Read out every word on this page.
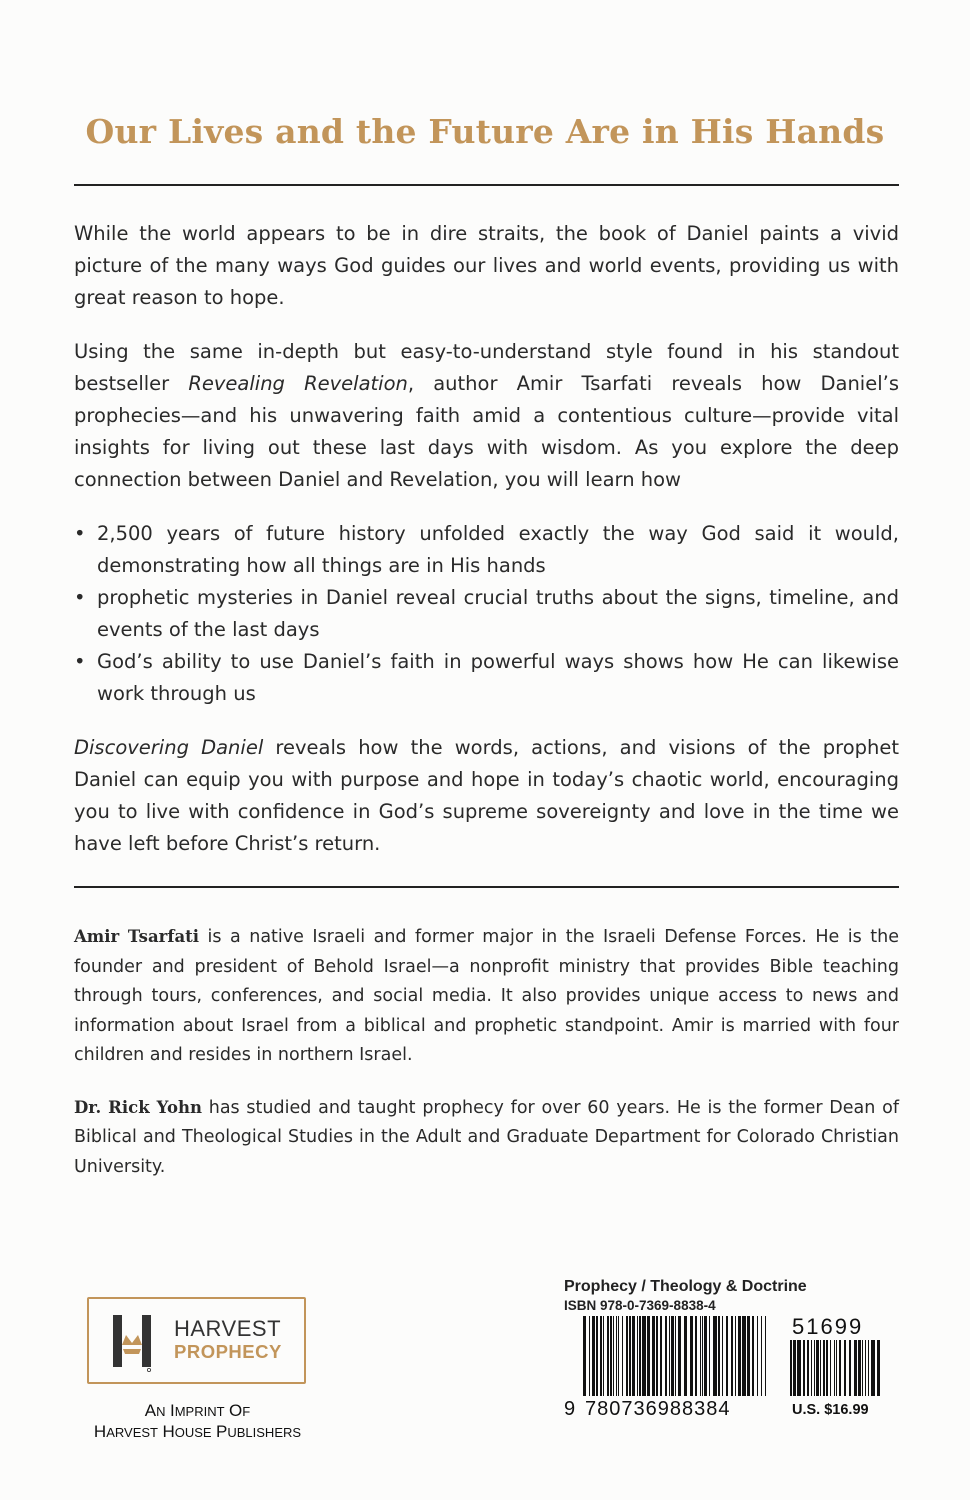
Our Lives and the Future Are in His Hands

While the world appears to be in dire straits, the book of Daniel paints a vivid picture of the many ways God guides our lives and world events, providing us with great reason to hope.

Using the same in-depth but easy-to-understand style found in his standout bestseller Revealing Revelation, author Amir Tsarfati reveals how Daniel’s prophecies—and his unwavering faith amid a contentious culture—provide vital insights for living out these last days with wisdom. As you explore the deep connection between Daniel and Revelation, you will learn how

• 2,500 years of future history unfolded exactly the way God said it would, demonstrating how all things are in His hands
• prophetic mysteries in Daniel reveal crucial truths about the signs, timeline, and events of the last days
• God’s ability to use Daniel’s faith in powerful ways shows how He can likewise work through us

Discovering Daniel reveals how the words, actions, and visions of the prophet Daniel can equip you with purpose and hope in today’s chaotic world, encouraging you to live with confidence in God’s supreme sovereignty and love in the time we have left before Christ’s return.

Amir Tsarfati is a native Israeli and former major in the Israeli Defense Forces. He is the founder and president of Behold Israel—a nonprofit ministry that provides Bible teaching through tours, conferences, and social media. It also provides unique access to news and information about Israel from a biblical and prophetic standpoint. Amir is married with four children and resides in northern Israel.

Dr. Rick Yohn has studied and taught prophecy for over 60 years. He is the former Dean of Biblical and Theological Studies in the Adult and Graduate Department for Colorado Christian University.

HARVEST
PROPHECY
AN IMPRINT OF
HARVEST HOUSE PUBLISHERS
Prophecy / Theology & Doctrine
ISBN 978-0-7369-8838-4
51699
9 780736988384	U.S. $16.99
